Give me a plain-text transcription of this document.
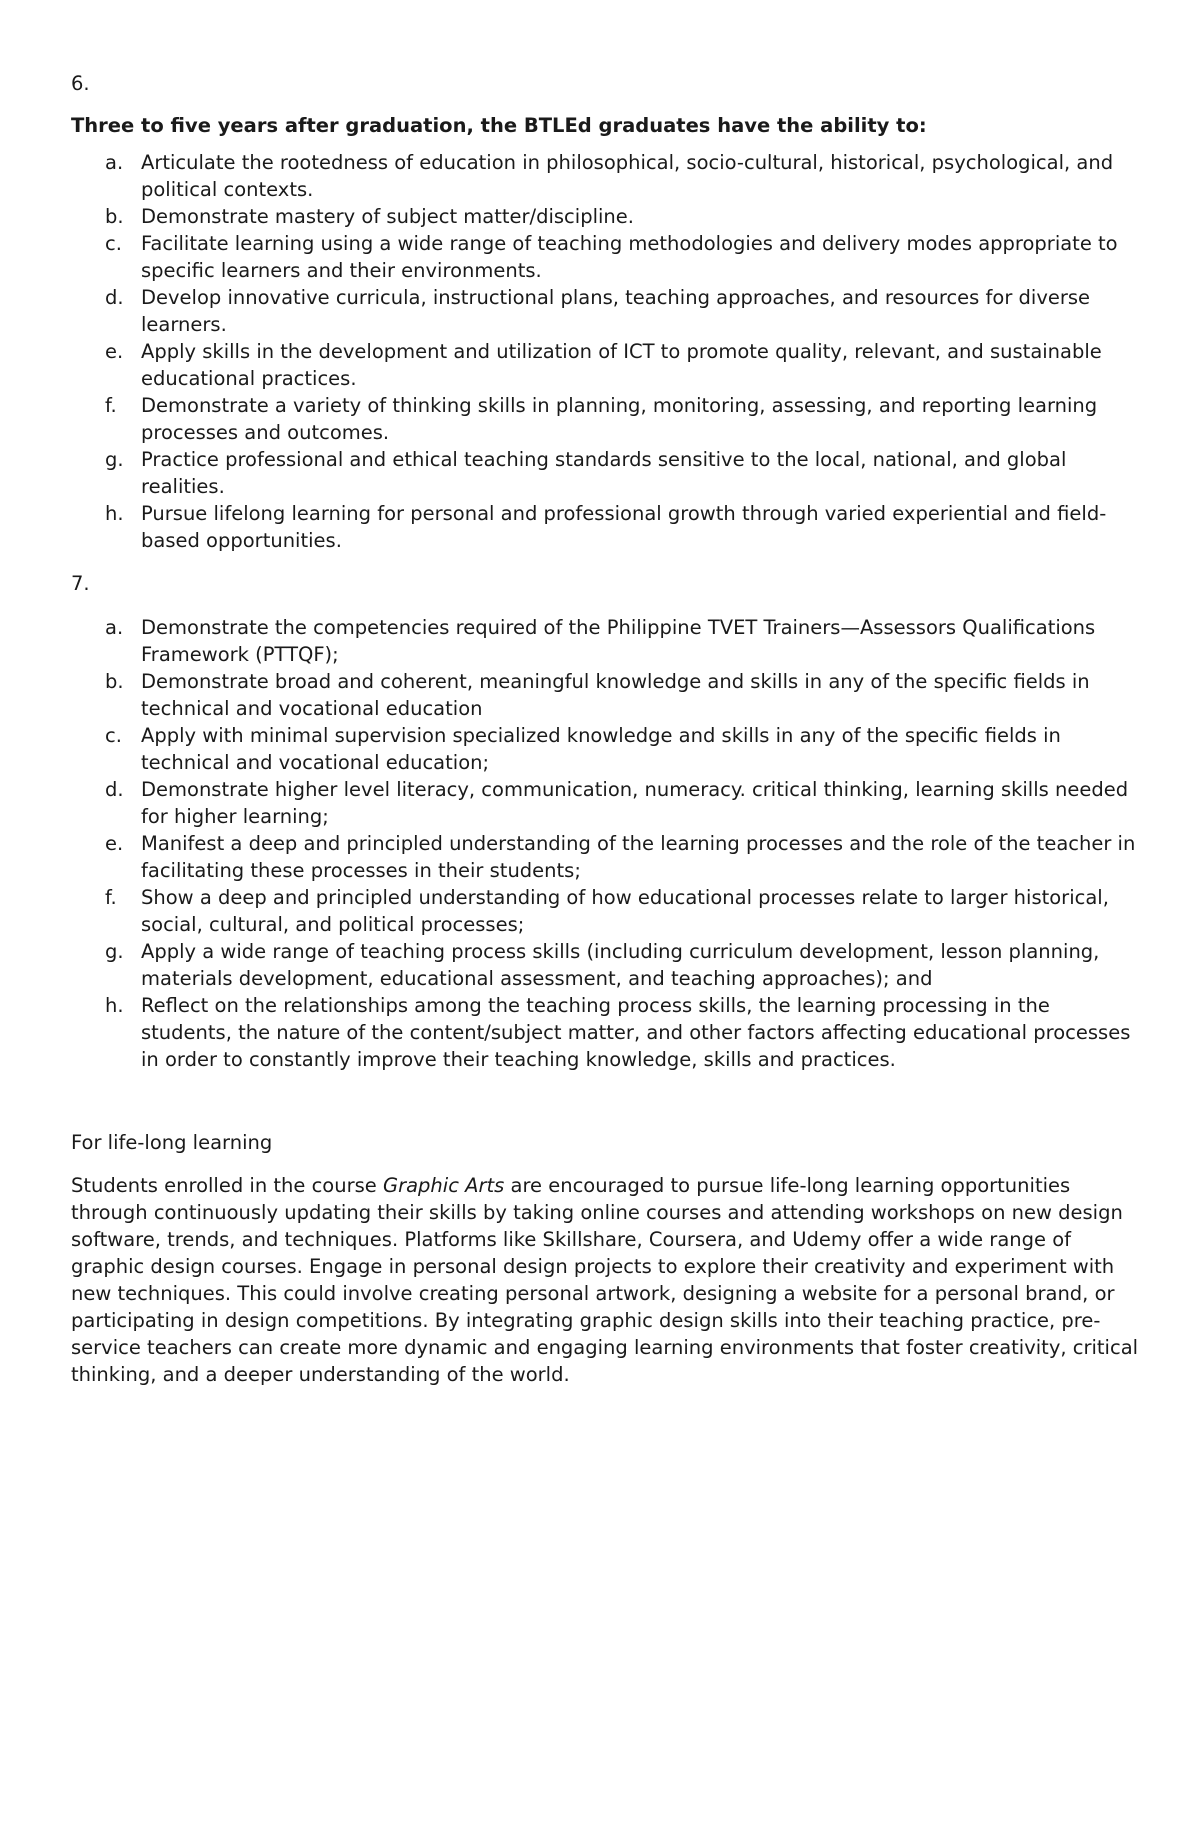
6.

Three to five years after graduation, the BTLEd graduates have the ability to:

a. Articulate the rootedness of education in philosophical, socio-cultural, historical, psychological, and political contexts.
b. Demonstrate mastery of subject matter/discipline.
c. Facilitate learning using a wide range of teaching methodologies and delivery modes appropriate to specific learners and their environments.
d. Develop innovative curricula, instructional plans, teaching approaches, and resources for diverse learners.
e. Apply skills in the development and utilization of ICT to promote quality, relevant, and sustainable educational practices.
f. Demonstrate a variety of thinking skills in planning, monitoring, assessing, and reporting learning processes and outcomes.
g. Practice professional and ethical teaching standards sensitive to the local, national, and global realities.
h. Pursue lifelong learning for personal and professional growth through varied experiential and field-based opportunities.

7.

a. Demonstrate the competencies required of the Philippine TVET Trainers—Assessors Qualifications Framework (PTTQF);
b. Demonstrate broad and coherent, meaningful knowledge and skills in any of the specific fields in technical and vocational education
c. Apply with minimal supervision specialized knowledge and skills in any of the specific fields in technical and vocational education;
d. Demonstrate higher level literacy, communication, numeracy. critical thinking, learning skills needed for higher learning;
e. Manifest a deep and principled understanding of the learning processes and the role of the teacher in facilitating these processes in their students;
f. Show a deep and principled understanding of how educational processes relate to larger historical, social, cultural, and political processes;
g. Apply a wide range of teaching process skills (including curriculum development, lesson planning, materials development, educational assessment, and teaching approaches); and
h. Reflect on the relationships among the teaching process skills, the learning processing in the students, the nature of the content/subject matter, and other factors affecting educational processes in order to constantly improve their teaching knowledge, skills and practices.

For life-long learning

Students enrolled in the course Graphic Arts are encouraged to pursue life-long learning opportunities through continuously updating their skills by taking online courses and attending workshops on new design software, trends, and techniques. Platforms like Skillshare, Coursera, and Udemy offer a wide range of graphic design courses. Engage in personal design projects to explore their creativity and experiment with new techniques. This could involve creating personal artwork, designing a website for a personal brand, or participating in design competitions. By integrating graphic design skills into their teaching practice, pre-service teachers can create more dynamic and engaging learning environments that foster creativity, critical thinking, and a deeper understanding of the world.
